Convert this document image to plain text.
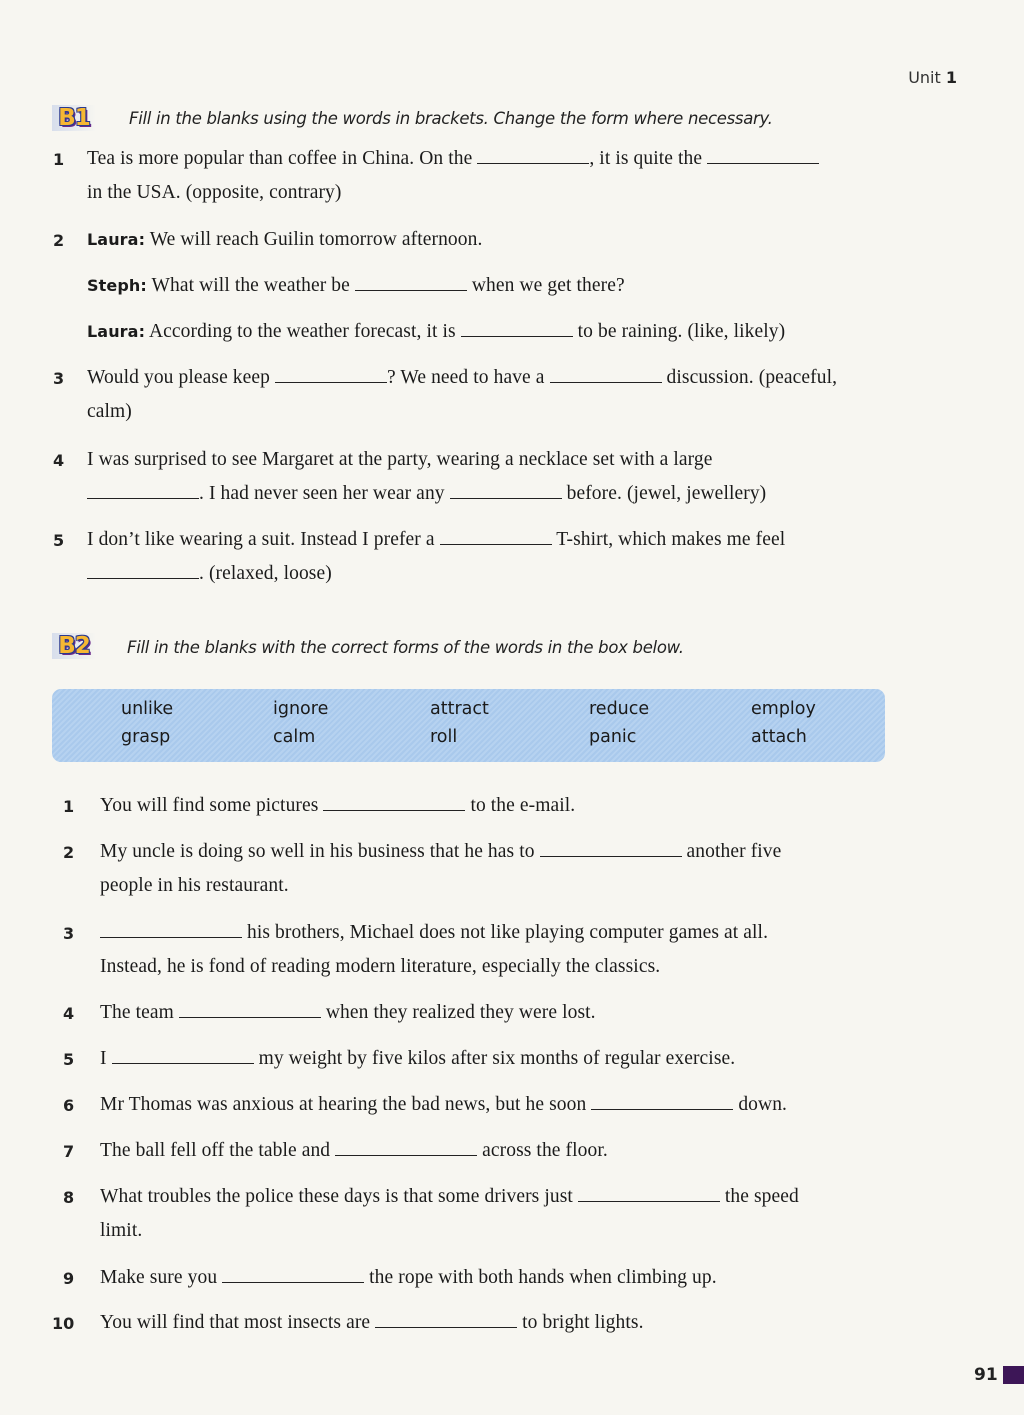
Unit 1
B1	Fill in the blanks using the words in brackets. Change the form where necessary.
1 Tea is more popular than coffee in China. On the	, it is quite the
in the USA. (opposite, contrary)
2 Laura: We will reach Guilin tomorrow afternoon.
Steph: What will the weather be	when we get there?
Laura: According to the weather forecast, it is	to be raining. (like, likely)
3 Would you please keep	? We need to have a	discussion. (peaceful,
calm)
4 I was surprised to see Margaret at the party, wearing a necklace set with a large
. I had never seen her wear any	before. (jewel, jewellery)
5 I don’t like wearing a suit. Instead I prefer a	T-shirt, which makes me feel
. (relaxed, loose)
B2	Fill in the blanks with the correct forms of the words in the box below.
unlike	ignore	attract	reduce	employ
grasp	calm	roll	panic	attach
1 You will find some pictures	to the e-mail.
2 My uncle is doing so well in his business that he has to	another five
people in his restaurant.
3	his brothers, Michael does not like playing computer games at all.
Instead, he is fond of reading modern literature, especially the classics.
4 The team	when they realized they were lost.
5 I	my weight by five kilos after six months of regular exercise.
6 Mr Thomas was anxious at hearing the bad news, but he soon	down.
7 The ball fell off the table and	across the floor.
8 What troubles the police these days is that some drivers just	the speed
limit.
9 Make sure you	the rope with both hands when climbing up.
10 You will find that most insects are	to bright lights.
91
